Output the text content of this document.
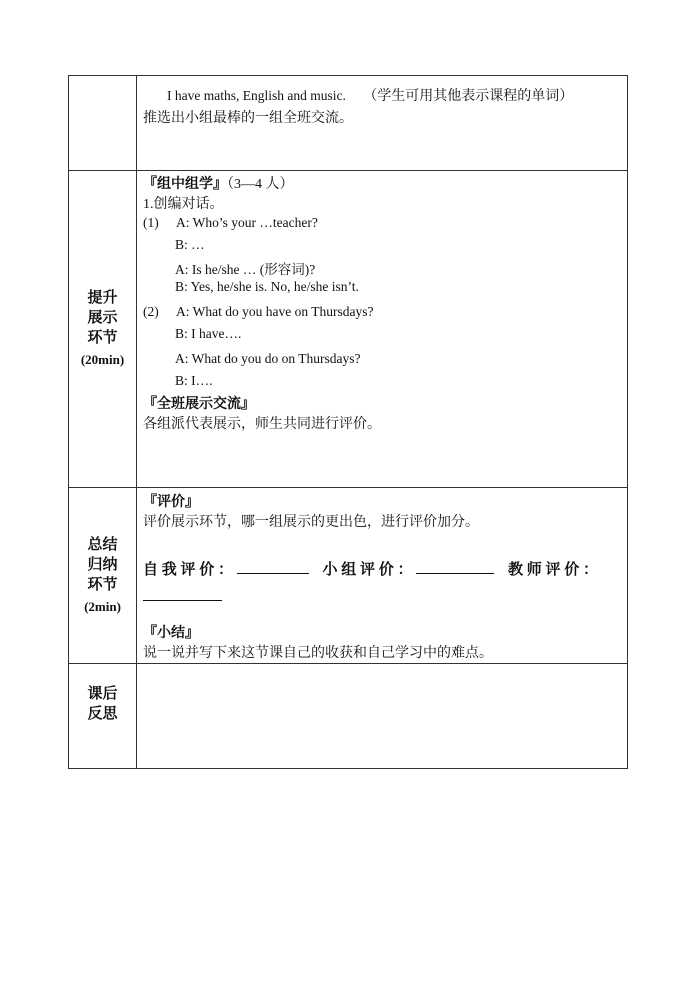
I have maths, English and music. （学生可用其他表示课程的单词）
推选出小组最棒的一组全班交流。
提升
展示
环节
(20min)
『组中组学』（3—4 人）
1.创编对话。
(1) A: Who’s your …teacher?
B: …
A: Is he/she … (形容词)?
B: Yes, he/she is. No, he/she isn’t.
(2) A: What do you have on Thursdays?
B: I have….
A: What do you do on Thursdays?
B: I….
『全班展示交流』
各组派代表展示，师生共同进行评价。
总结
归纳
环节
(2min)
『评价』
评价展示环节，哪一组展示的更出色，进行评价加分。
自 我 评 价 ：	小 组 评 价 ：	教 师 评 价 ：
『小结』
说一说并写下来这节课自己的收获和自己学习中的难点。
课后
反思
